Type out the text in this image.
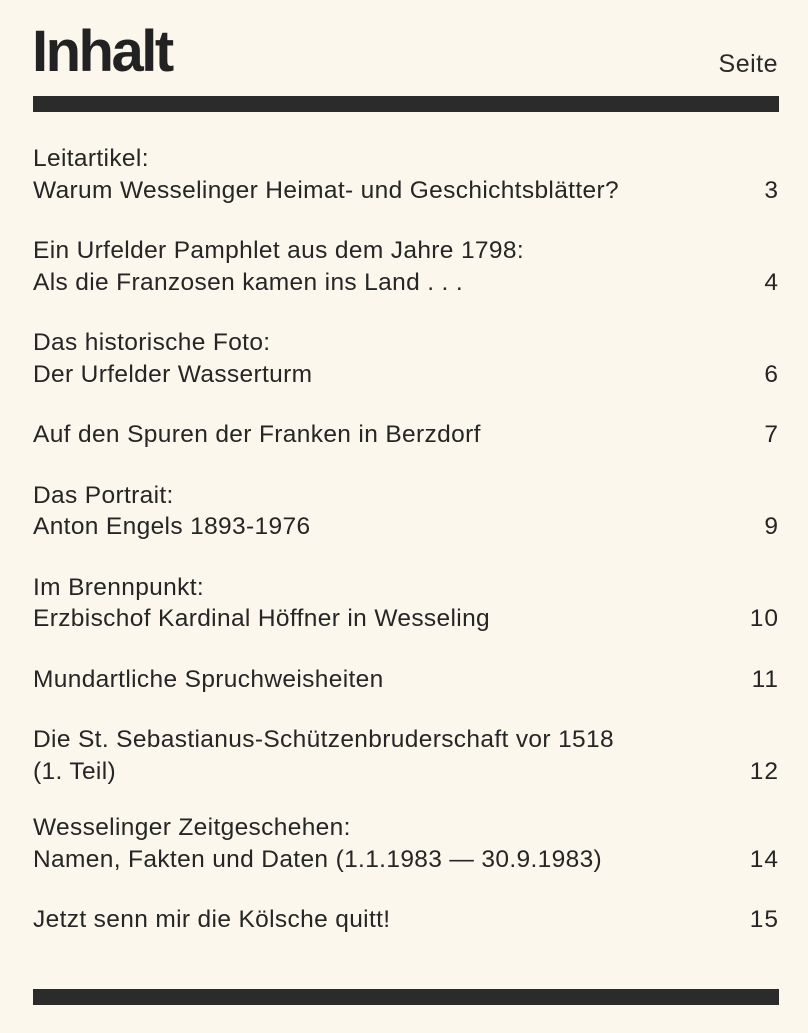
Inhalt	Seite
Leitartikel:
Warum Wesselinger Heimat- und Geschichtsblätter?	3
Ein Urfelder Pamphlet aus dem Jahre 1798:
Als die Franzosen kamen ins Land . . .	4
Das historische Foto:
Der Urfelder Wasserturm	6
Auf den Spuren der Franken in Berzdorf	7
Das Portrait:
Anton Engels 1893-1976	9
Im Brennpunkt:
Erzbischof Kardinal Höffner in Wesseling	10
Mundartliche Spruchweisheiten	11
Die St. Sebastianus-Schützenbruderschaft vor 1518
(1. Teil)	12
Wesselinger Zeitgeschehen:
Namen, Fakten und Daten (1.1.1983 — 30.9.1983)	14
Jetzt senn mir die Kölsche quitt!	15
